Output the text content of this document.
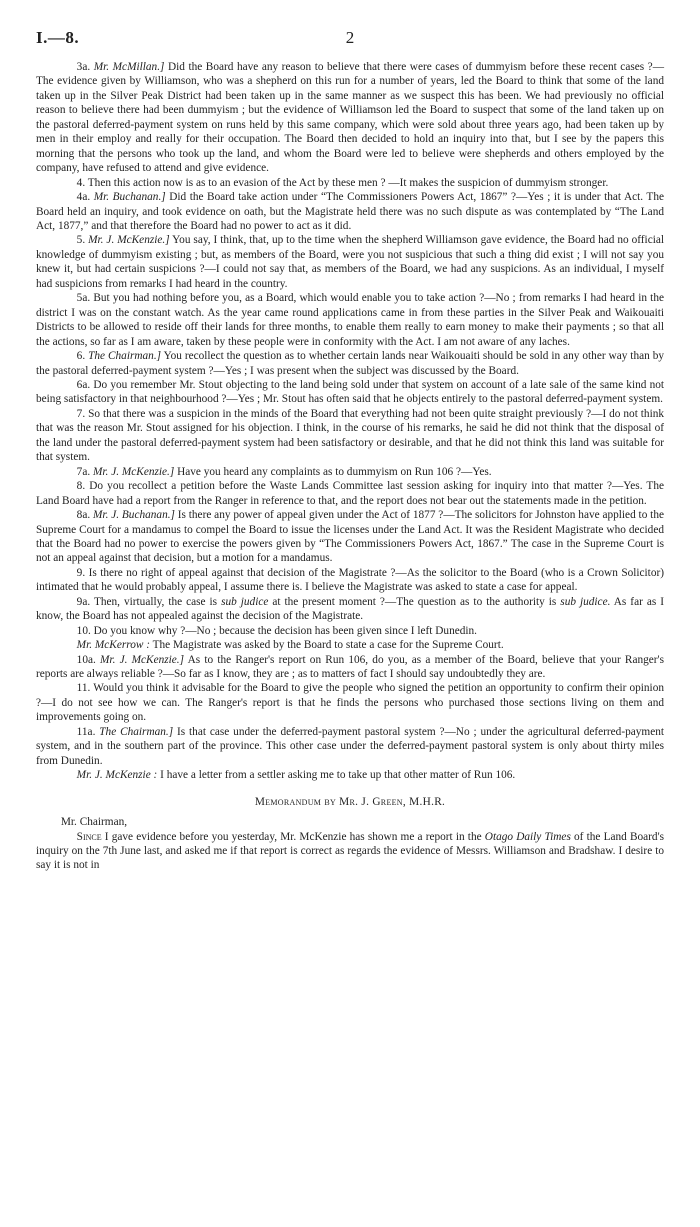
I.—8.	2

3a. Mr. McMillan.] Did the Board have any reason to believe that there were cases of dummyism before these recent cases ?—The evidence given by Williamson, who was a shepherd on this run for a number of years, led the Board to think that some of the land taken up in the Silver Peak District had been taken up in the same manner as we suspect this has been. We had previously no official reason to believe there had been dummyism ; but the evidence of Williamson led the Board to suspect that some of the land taken up on the pastoral deferred-payment system on runs held by this same company, which were sold about three years ago, had been taken up by men in their employ and really for their occupation. The Board then decided to hold an inquiry into that, but I see by the papers this morning that the persons who took up the land, and whom the Board were led to believe were shepherds and others employed by the company, have refused to attend and give evidence.

4. Then this action now is as to an evasion of the Act by these men ? —It makes the suspicion of dummyism stronger.

4a. Mr. Buchanan.] Did the Board take action under “The Commissioners Powers Act, 1867” ?—Yes ; it is under that Act. The Board held an inquiry, and took evidence on oath, but the Magistrate held there was no such dispute as was contemplated by “The Land Act, 1877,” and that therefore the Board had no power to act as it did.

5. Mr. J. McKenzie.] You say, I think, that, up to the time when the shepherd Williamson gave evidence, the Board had no official knowledge of dummyism existing ; but, as members of the Board, were you not suspicious that such a thing did exist ; I will not say you knew it, but had certain suspicions ?—I could not say that, as members of the Board, we had any suspicions. As an individual, I myself had suspicions from remarks I had heard in the country.

5a. But you had nothing before you, as a Board, which would enable you to take action ?—No ; from remarks I had heard in the district I was on the constant watch. As the year came round applications came in from these parties in the Silver Peak and Waikouaiti Districts to be allowed to reside off their lands for three months, to enable them really to earn money to make their payments ; so that all the actions, so far as I am aware, taken by these people were in conformity with the Act. I am not aware of any laches.

6. The Chairman.] You recollect the question as to whether certain lands near Waikouaiti should be sold in any other way than by the pastoral deferred-payment system ?—Yes ; I was present when the subject was discussed by the Board.

6a. Do you remember Mr. Stout objecting to the land being sold under that system on account of a late sale of the same kind not being satisfactory in that neighbourhood ?—Yes ; Mr. Stout has often said that he objects entirely to the pastoral deferred-payment system.

7. So that there was a suspicion in the minds of the Board that everything had not been quite straight previously ?—I do not think that was the reason Mr. Stout assigned for his objection. I think, in the course of his remarks, he said he did not think that the disposal of the land under the pastoral deferred-payment system had been satisfactory or desirable, and that he did not think this land was suitable for that system.

7a. Mr. J. McKenzie.] Have you heard any complaints as to dummyism on Run 106 ?—Yes.

8. Do you recollect a petition before the Waste Lands Committee last session asking for inquiry into that matter ?—Yes. The Land Board have had a report from the Ranger in reference to that, and the report does not bear out the statements made in the petition.

8a. Mr. J. Buchanan.] Is there any power of appeal given under the Act of 1877 ?—The solicitors for Johnston have applied to the Supreme Court for a mandamus to compel the Board to issue the licenses under the Land Act. It was the Resident Magistrate who decided that the Board had no power to exercise the powers given by “The Commissioners Powers Act, 1867.” The case in the Supreme Court is not an appeal against that decision, but a motion for a mandamus.

9. Is there no right of appeal against that decision of the Magistrate ?—As the solicitor to the Board (who is a Crown Solicitor) intimated that he would probably appeal, I assume there is. I believe the Magistrate was asked to state a case for appeal.

9a. Then, virtually, the case is sub judice at the present moment ?—The question as to the authority is sub judice. As far as I know, the Board has not appealed against the decision of the Magistrate.

10. Do you know why ?—No ; because the decision has been given since I left Dunedin.

Mr. McKerrow : The Magistrate was asked by the Board to state a case for the Supreme Court.

10a. Mr. J. McKenzie.] As to the Ranger's report on Run 106, do you, as a member of the Board, believe that your Ranger's reports are always reliable ?—So far as I know, they are ; as to matters of fact I should say undoubtedly they are.

11. Would you think it advisable for the Board to give the people who signed the petition an opportunity to confirm their opinion ?—I do not see how we can. The Ranger's report is that he finds the persons who purchased those sections living on them and improvements going on.

11a. The Chairman.] Is that case under the deferred-payment pastoral system ?—No ; under the agricultural deferred-payment system, and in the southern part of the province. This other case under the deferred-payment pastoral system is only about thirty miles from Dunedin.

Mr. J. McKenzie : I have a letter from a settler asking me to take up that other matter of Run 106.

Memorandum by Mr. J. Green, M.H.R.

Mr. Chairman,

Since I gave evidence before you yesterday, Mr. McKenzie has shown me a report in the Otago Daily Times of the Land Board's inquiry on the 7th June last, and asked me if that report is correct as regards the evidence of Messrs. Williamson and Bradshaw. I desire to say it is not in
